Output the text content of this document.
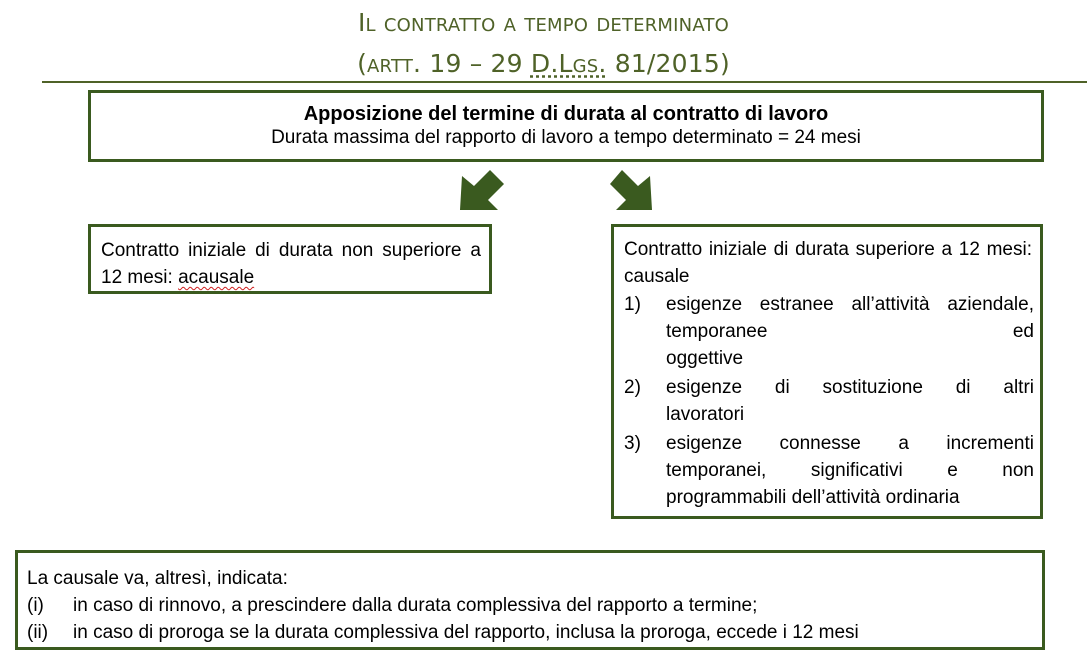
Il contratto a tempo determinato
(artt. 19 – 29 D.Lgs. 81/2015)
Apposizione del termine di durata al contratto di lavoro
Durata massima del rapporto di lavoro a tempo determinato = 24 mesi
Contratto iniziale di durata non superiore a 12 mesi: acausale
Contratto iniziale di durata superiore a 12 mesi: causale
1)	esigenze estranee all’attività aziendale, temporanee ed
oggettive
2)	esigenze di sostituzione di altri
lavoratori
3)	esigenze connesse a incrementi temporanei, significativi e non
programmabili dell’attività ordinaria
La causale va, altresì, indicata:
(i) in caso di rinnovo, a prescindere dalla durata complessiva del rapporto a termine;
(ii) in caso di proroga se la durata complessiva del rapporto, inclusa la proroga, eccede i 12 mesi
